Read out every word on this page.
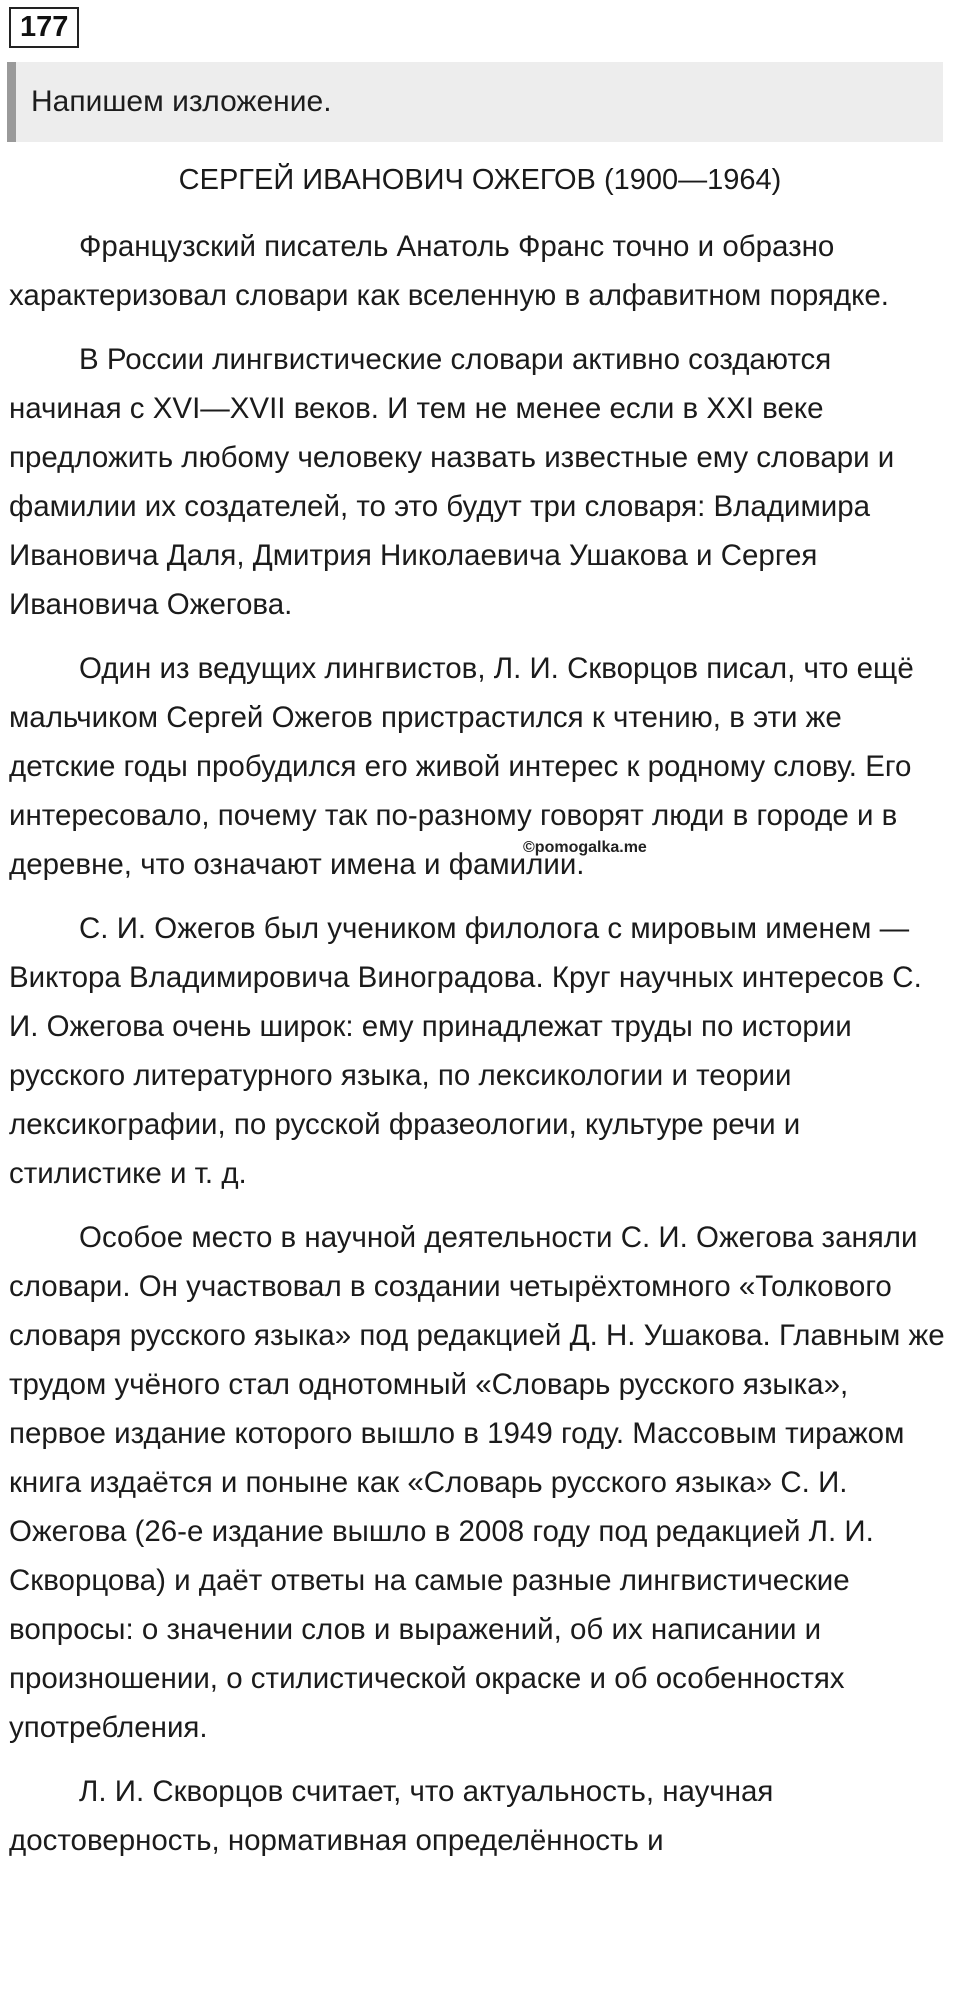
177
Напишем изложение.
СЕРГЕЙ ИВАНОВИЧ ОЖЕГОВ (1900—1964)

Французский писатель Анатоль Франс точно и образно характеризовал словари как вселенную в алфавитном порядке.

В России лингвистические словари активно создаются начиная с XVI—XVII веков. И тем не менее если в XXI веке предложить любому человеку назвать известные ему словари и фамилии их создателей, то это будут три словаря: Владимира Ивановича Даля, Дмитрия Николаевича Ушакова и Сергея Ивановича Ожегова.

Один из ведущих лингвистов, Л. И. Скворцов писал, что ещё мальчиком Сергей Ожегов пристрастился к чтению, в эти же детские годы пробудился его живой интерес к родному слову. Его интересовало, почему так по-разному говорят люди в городе и в деревне, что означают имена и фамилии.

С. И. Ожегов был учеником филолога с мировым именем — Виктора Владимировича Виноградова. Круг научных интересов С. И. Ожегова очень широк: ему принадлежат труды по истории русского литературного языка, по лексикологии и теории лексикографии, по русской фразеологии, культуре речи и стилистике и т. д.

Особое место в научной деятельности С. И. Ожегова заняли словари. Он участвовал в создании четырёхтомного «Толкового словаря русского языка» под редакцией Д. Н. Ушакова. Главным же трудом учёного стал однотомный «Словарь русского языка», первое издание которого вышло в 1949 году. Массовым тиражом книга издаётся и поныне как «Словарь русского языка» С. И. Ожегова (26-е издание вышло в 2008 году под редакцией Л. И. Скворцова) и даёт ответы на самые разные лингвистические вопросы: о значении слов и выражений, об их написании и произношении, о стилистической окраске и об особенностях употребления.

Л. И. Скворцов считает, что актуальность, научная достоверность, нормативная определённость и

©pomogalka.me
